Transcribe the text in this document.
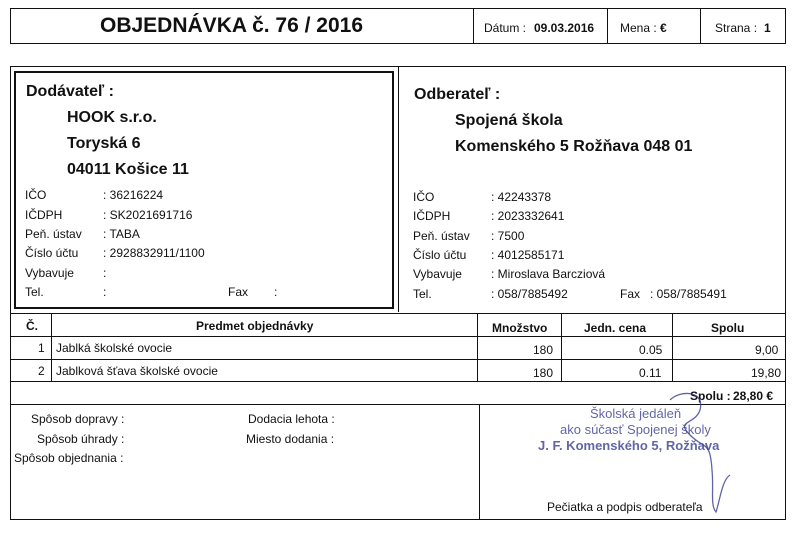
OBJEDNÁVKA č. 76 / 2016	Dátum : 09.03.2016 Mena : €	Strana : 1
Dodávateľ :
HOOK s.r.o.
Toryská 6
04011 Košice 11
IČO	: 36216224
IČDPH	: SK2021691716
Peň. ústav : TABA
Číslo účtu : 2928832911/1100
Vybavuje :
Tel.	:	Fax :
Odberateľ :
Spojená škola
Komenského 5 Rožňava 048 01
IČO	: 42243378
IČDPH	: 2023332641
Peň. ústav : 7500
Číslo účtu : 4012585171
Vybavuje : Miroslava Barcziová
Tel.	: 058/7885492	Fax : 058/7885491
Č.	Predmet objednávky	Množstvo	Jedn. cena	Spolu
1 Jablká školské ovocie	180	0.05	9,00
2 Jablková šťava školské ovocie	180	0.11	19,80
Spolu : 28,80 €
Spôsob dopravy :
Spôsob úhrady :
Spôsob objednania :
Dodacia lehota :
Miesto dodania :
Školská jedáleň
ako súčasť Spojenej školy
J. F. Komenského 5, Rožňava
Pečiatka a podpis odberateľa
